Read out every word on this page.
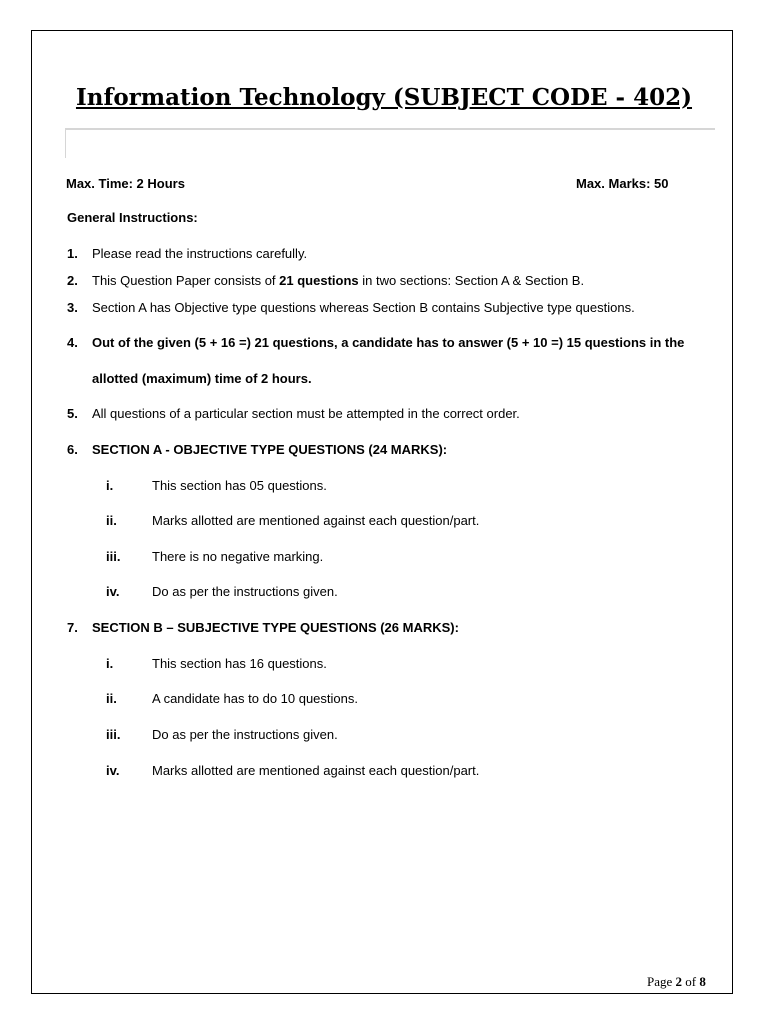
Information Technology (SUBJECT CODE - 402)
Max. Time: 2 Hours	Max. Marks: 50
General Instructions:
1. Please read the instructions carefully.
2. This Question Paper consists of 21 questions in two sections: Section A & Section B.
3. Section A has Objective type questions whereas Section B contains Subjective type questions.
4. Out of the given (5 + 16 =) 21 questions, a candidate has to answer (5 + 10 =) 15 questions in the
allotted (maximum) time of 2 hours.
5. All questions of a particular section must be attempted in the correct order.
6. SECTION A - OBJECTIVE TYPE QUESTIONS (24 MARKS):
i.	This section has 05 questions.
ii.	Marks allotted are mentioned against each question/part.
iii. There is no negative marking.
iv.	Do as per the instructions given.
7. SECTION B – SUBJECTIVE TYPE QUESTIONS (26 MARKS):
i.	This section has 16 questions.
ii.	A candidate has to do 10 questions.
iii. Do as per the instructions given.
iv.	Marks allotted are mentioned against each question/part.
Page 2 of 8
